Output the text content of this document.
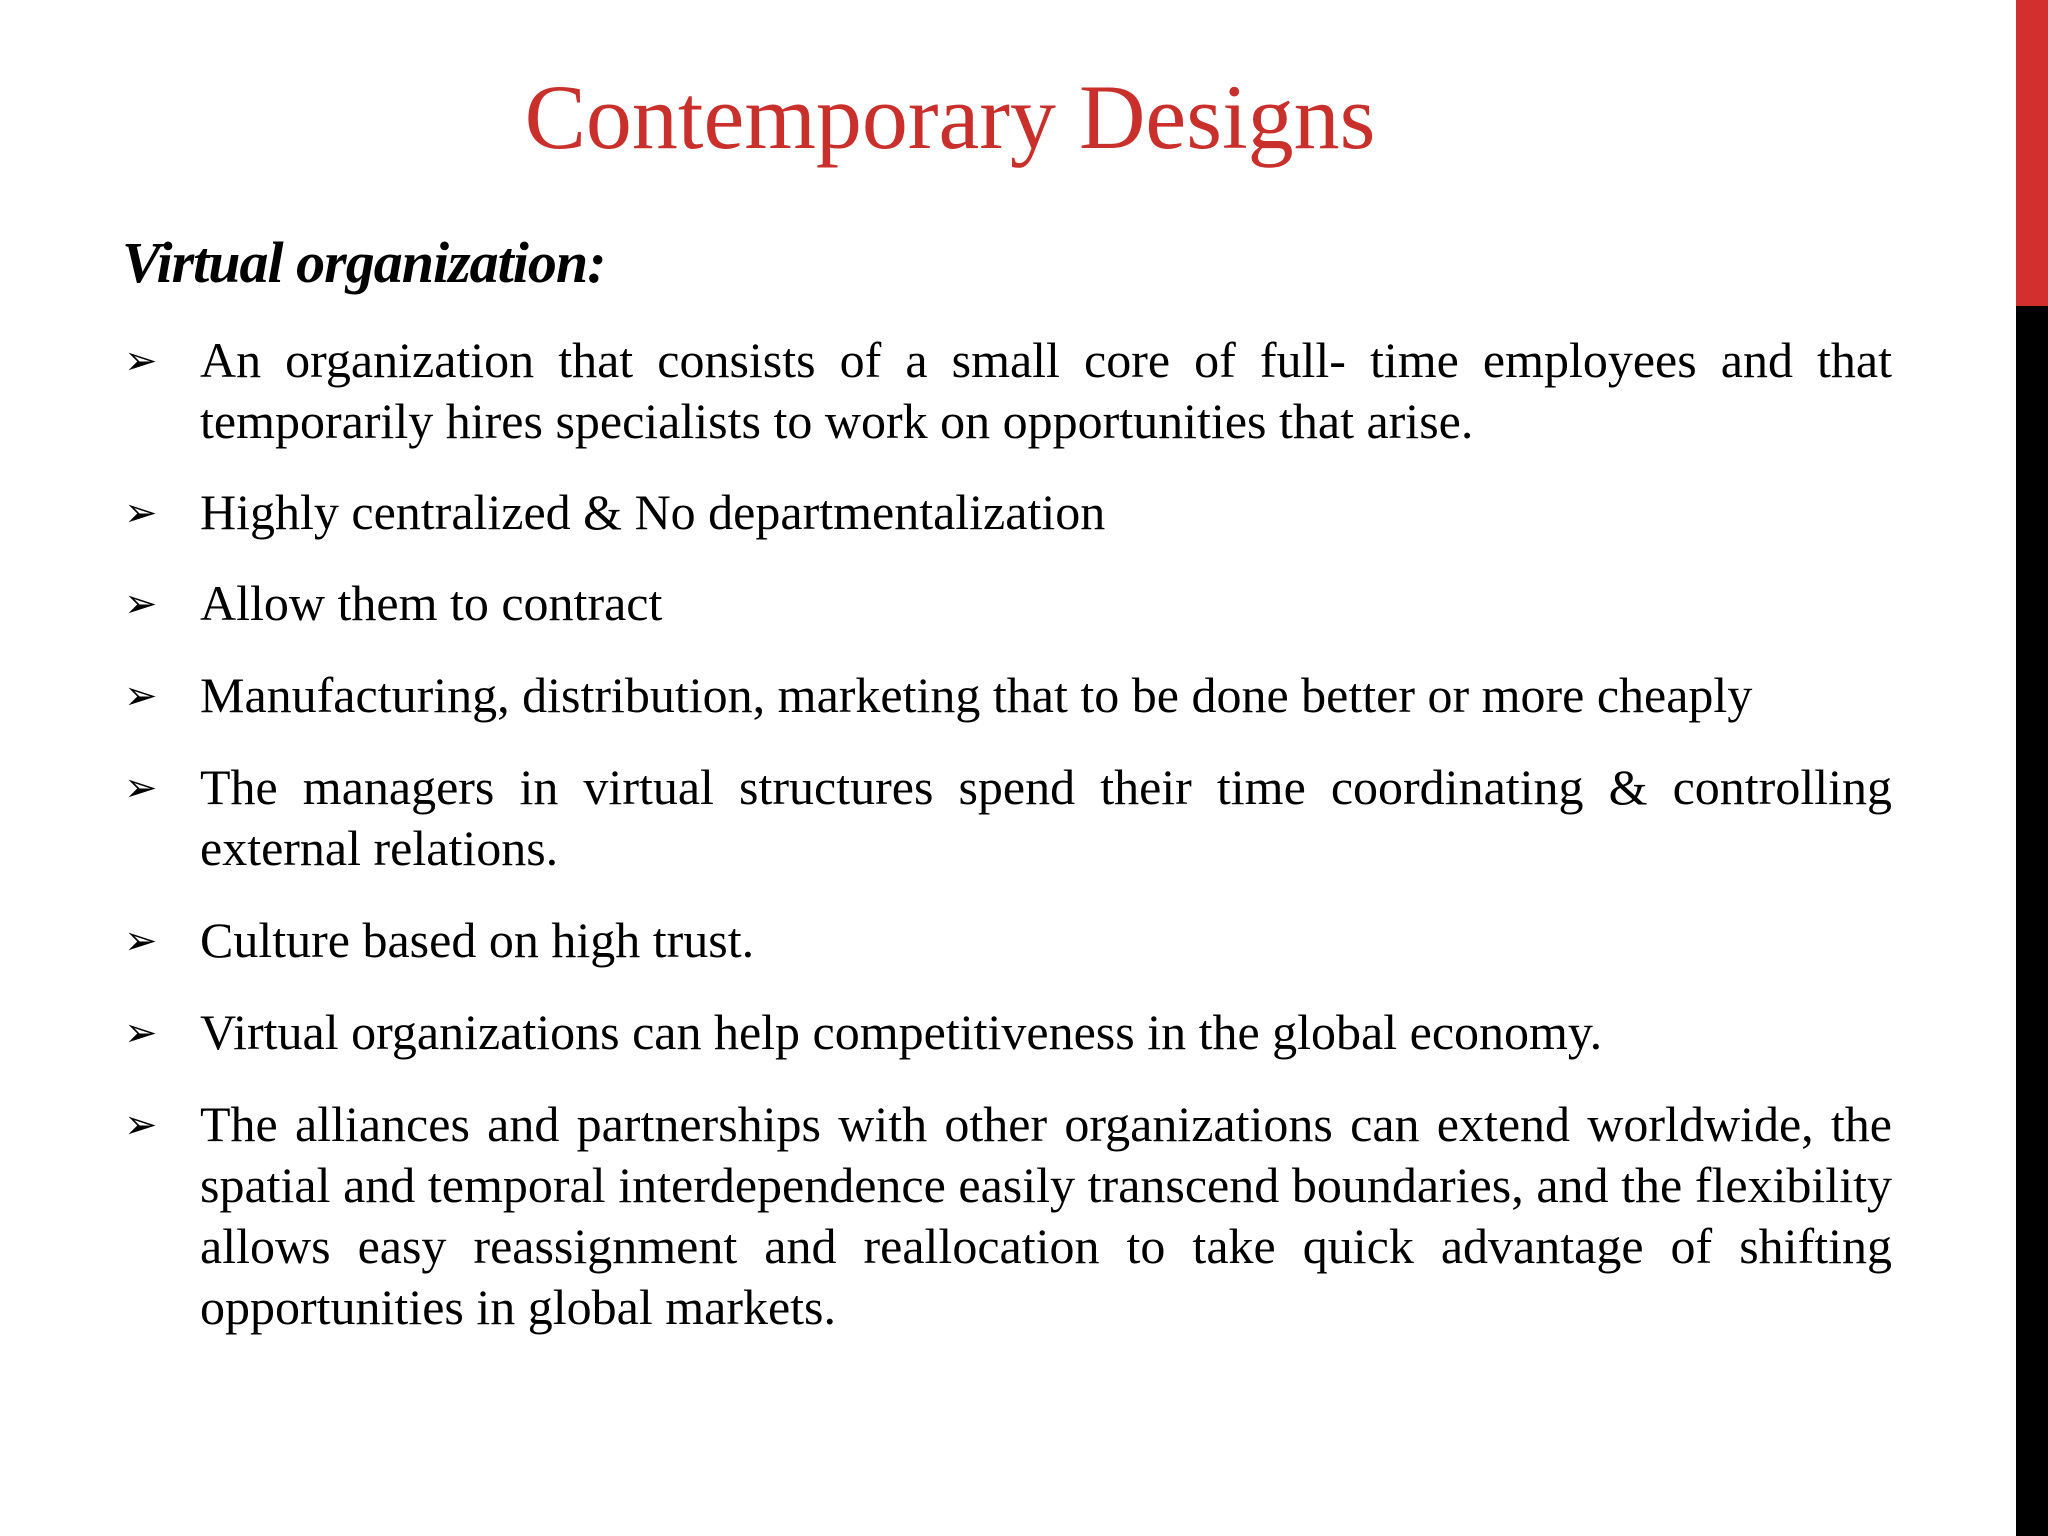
Contemporary Designs
Virtual organization:
➢ An organization that consists of a small core of full- time employees and that temporarily hires specialists to work on opportunities that arise.
➢ Highly centralized & No departmentalization
➢ Allow them to contract
➢ Manufacturing, distribution, marketing that to be done better or more cheaply
➢ The managers in virtual structures spend their time coordinating & controlling external relations.
➢ Culture based on high trust.
➢ Virtual organizations can help competitiveness in the global economy.
➢ The alliances and partnerships with other organizations can extend worldwide, the spatial and temporal interdependence easily transcend boundaries, and the flexibility allows easy reassignment and reallocation to take quick advantage of shifting opportunities in global markets.
